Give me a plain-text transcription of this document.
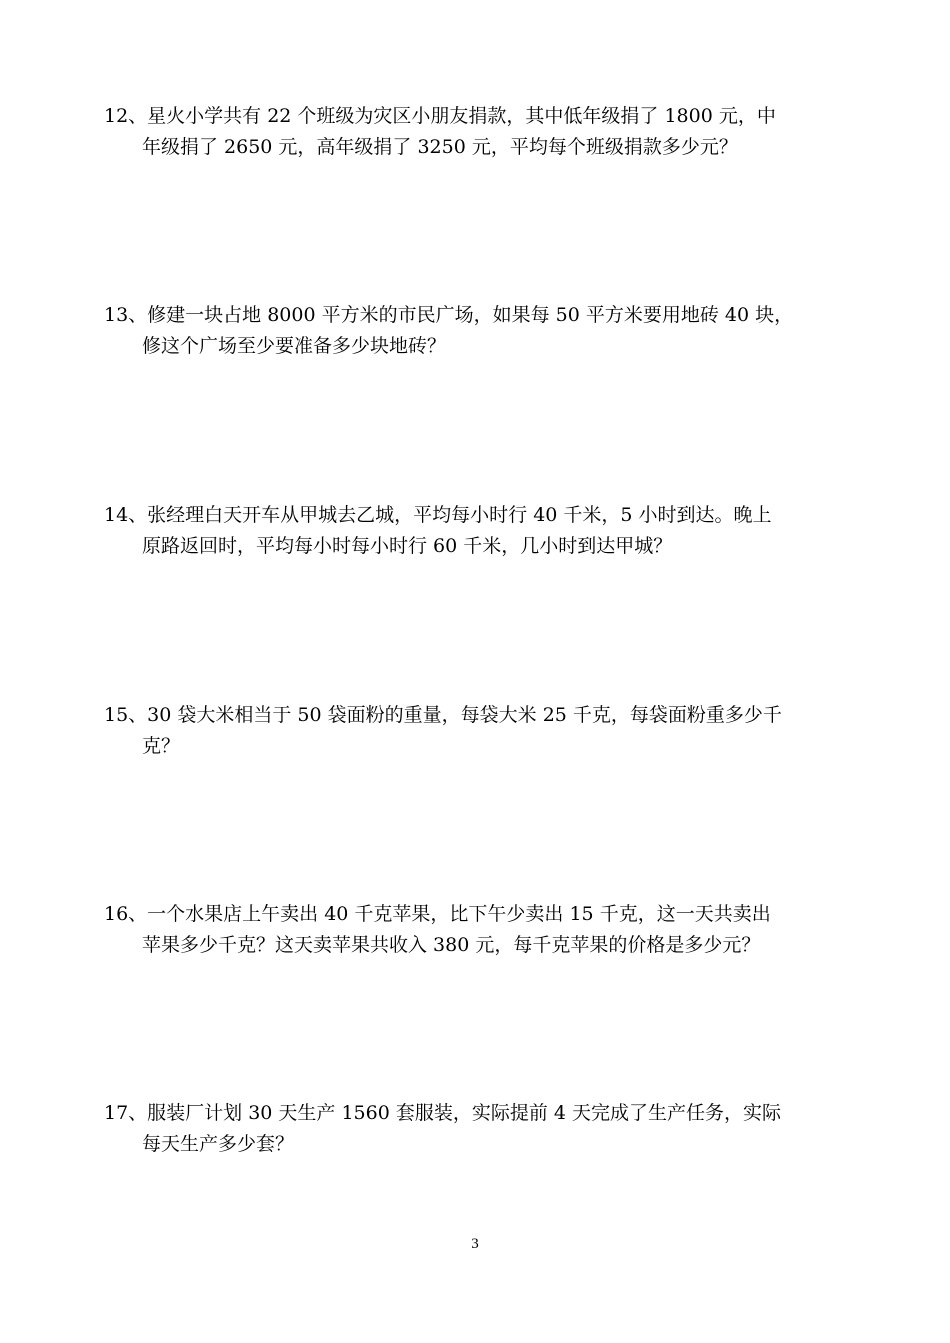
12、星火小学共有 22 个班级为灾区小朋友捐款，其中低年级捐了 1800 元，中
年级捐了 2650 元，高年级捐了 3250 元，平均每个班级捐款多少元？
13、修建一块占地 8000 平方米的市民广场，如果每 50 平方米要用地砖 40 块，
修这个广场至少要准备多少块地砖？
14、张经理白天开车从甲城去乙城，平均每小时行 40 千米，5 小时到达。晚上
原路返回时，平均每小时每小时行 60 千米，几小时到达甲城？
15、30 袋大米相当于 50 袋面粉的重量，每袋大米 25 千克，每袋面粉重多少千
克？
16、一个水果店上午卖出 40 千克苹果，比下午少卖出 15 千克，这一天共卖出
苹果多少千克？这天卖苹果共收入 380 元，每千克苹果的价格是多少元？
17、服装厂计划 30 天生产 1560 套服装，实际提前 4 天完成了生产任务，实际
每天生产多少套？
3
